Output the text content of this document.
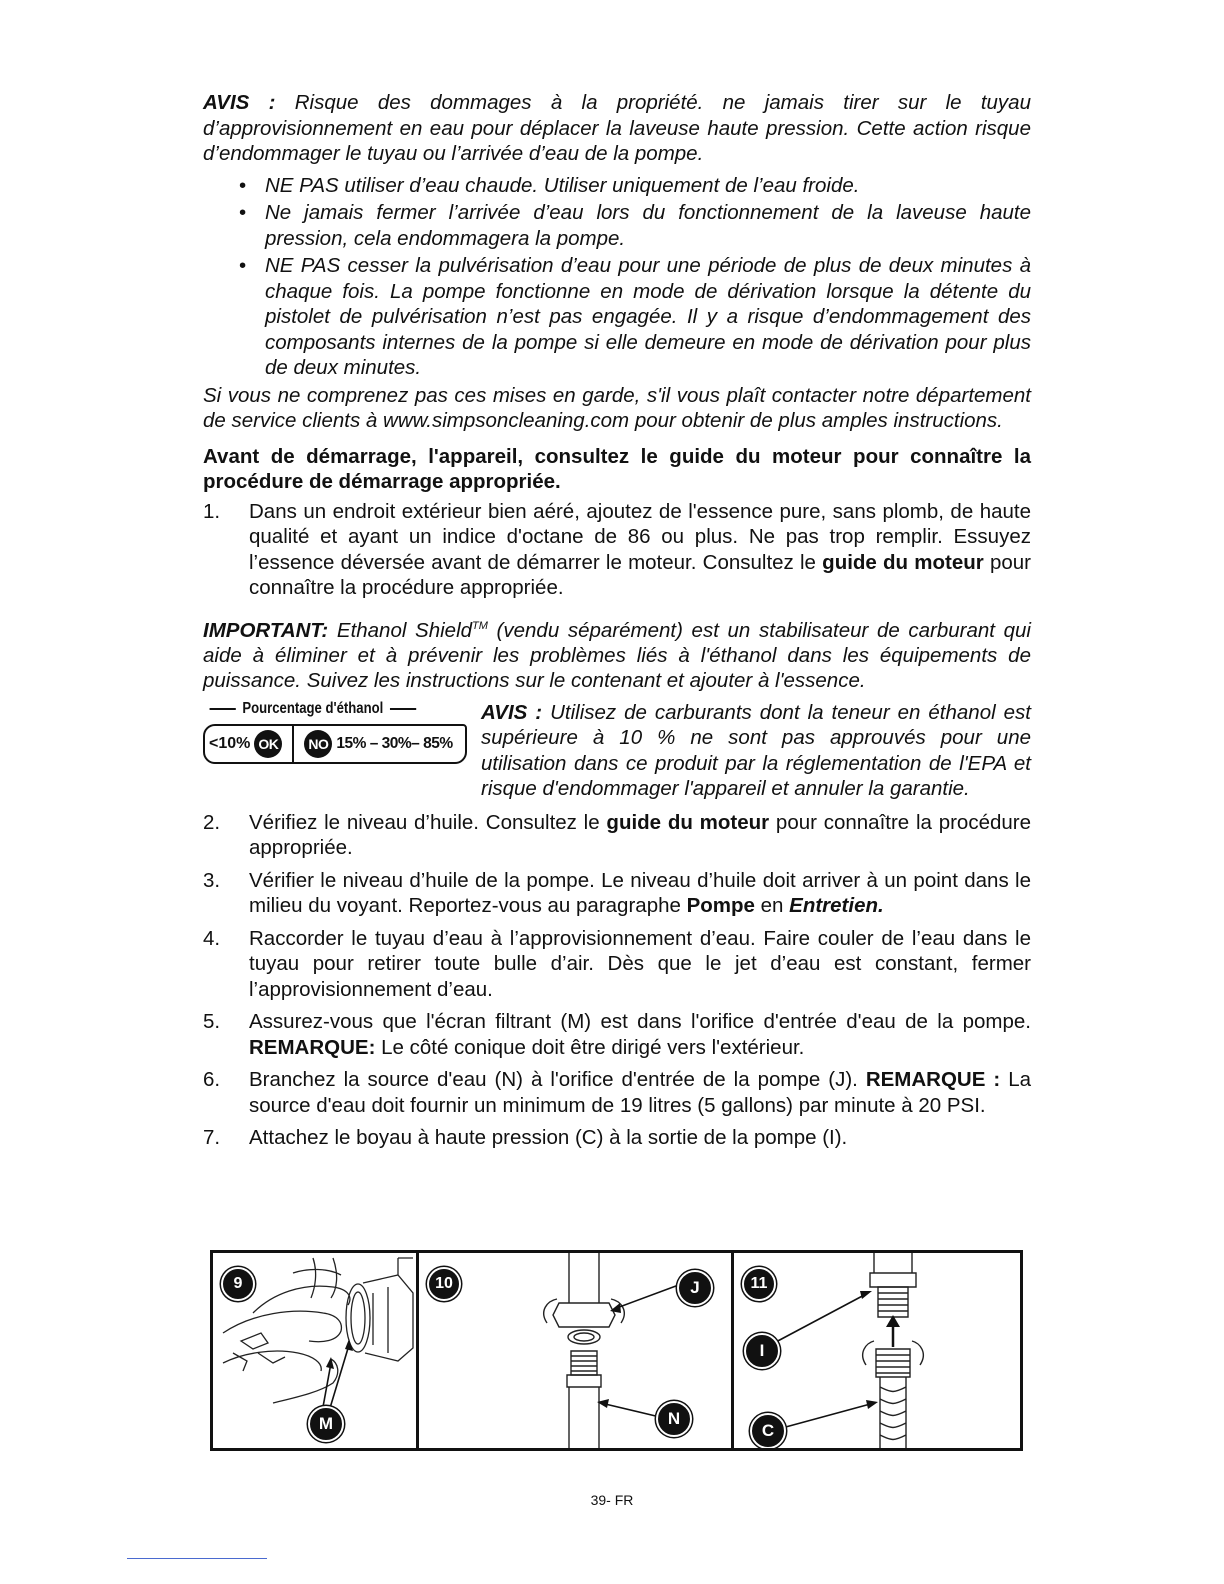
AVIS : Risque des dommages à la propriété. ne jamais tirer sur le tuyau d’approvisionnement en eau pour déplacer la laveuse haute pression. Cette action risque d’endommager le tuyau ou l’arrivée d’eau de la pompe.

• NE PAS utiliser d’eau chaude. Utiliser uniquement de l’eau froide.
• Ne jamais fermer l’arrivée d’eau lors du fonctionnement de la laveuse haute pression, cela endommagera la pompe.
• NE PAS cesser la pulvérisation d’eau pour une période de plus de deux minutes à chaque fois. La pompe fonctionne en mode de dérivation lorsque la détente du pistolet de pulvérisation n’est pas engagée. Il y a risque d’endommagement des composants internes de la pompe si elle demeure en mode de dérivation pour plus de deux minutes.

Si vous ne comprenez pas ces mises en garde, s'il vous plaît contacter notre département de service clients à www.simpsoncleaning.com pour obtenir de plus amples instructions.

Avant de démarrage, l'appareil, consultez le guide du moteur pour connaître la procédure de démarrage appropriée.

1. Dans un endroit extérieur bien aéré, ajoutez de l'essence pure, sans plomb, de haute qualité et ayant un indice d'octane de 86 ou plus. Ne pas trop remplir. Essuyez l’essence déversée avant de démarrer le moteur. Consultez le guide du moteur pour connaître la procédure appropriée.

IMPORTANT: Ethanol Shield™ (vendu séparément) est un stabilisateur de carburant qui aide à éliminer et à prévenir les problèmes liés à l'éthanol dans les équipements de puissance. Suivez les instructions sur le contenant et ajouter à l'essence.

Pourcentage d'éthanol
<10% OK NO 15% – 30%– 85%

AVIS : Utilisez de carburants dont la teneur en éthanol est supérieure à 10 % ne sont pas approuvés pour une utilisation dans ce produit par la réglementation de l'EPA et risque d'endommager l'appareil et annuler la garantie.

2. Vérifiez le niveau d’huile. Consultez le guide du moteur pour connaître la procédure appropriée.
3. Vérifier le niveau d’huile de la pompe. Le niveau d’huile doit arriver à un point dans le milieu du voyant. Reportez-vous au paragraphe Pompe en Entretien.
4. Raccorder le tuyau d’eau à l’approvisionnement d’eau. Faire couler de l’eau dans le tuyau pour retirer toute bulle d’air. Dès que le jet d’eau est constant, fermer l’approvisionnement d’eau.
5. Assurez-vous que l'écran filtrant (M) est dans l'orifice d'entrée d'eau de la pompe. REMARQUE: Le côté conique doit être dirigé vers l'extérieur.
6. Branchez la source d'eau (N) à l'orifice d'entrée de la pompe (J). REMARQUE : La source d'eau doit fournir un minimum de 19 litres (5 gallons) par minute à 20 PSI.
7. Attachez le boyau à haute pression (C) à la sortie de la pompe (I).
9
M
10	J
N
11
I
C
39- FR
